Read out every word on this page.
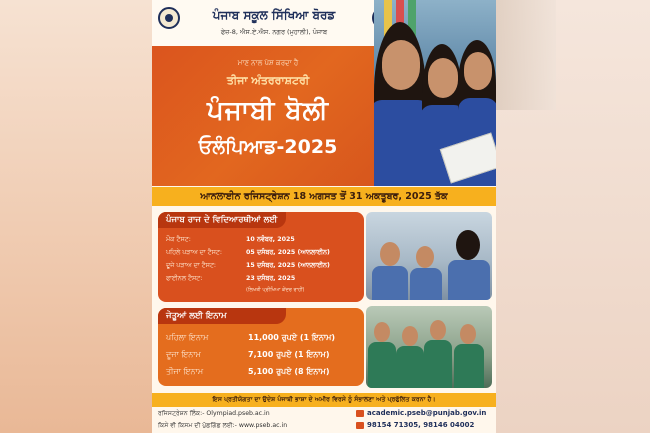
ਪੰਜਾਬ ਸਕੂਲ ਸਿੱਖਿਆ ਬੋਰਡ
ਫੇਜ਼-8, ਐਸ.ਏ.ਐਸ. ਨਗਰ (ਮੁਹਾਲੀ), ਪੰਜਾਬ
ਮਾਣ ਨਾਲ ਪੇਸ਼ ਕਰਦਾ ਹੈ
ਤੀਜਾ ਅੰਤਰਰਾਸ਼ਟਰੀ
ਪੰਜਾਬੀ ਬੋਲੀ
ਓਲੰਪਿਆਡ-2025
ਆਨਲਾਈਨ ਰਜਿਸਟ੍ਰੇਸ਼ਨ 18 ਅਗਸਤ ਤੋਂ 31 ਅਕਤੂਬਰ, 2025 ਤੱਕ
ਪੰਜਾਬ ਰਾਜ ਦੇ ਵਿਦਿਆਰਥੀਆਂ ਲਈ
ਮੌਕ ਟੈਸਟ:	10 ਨਵੰਬਰ, 2025
ਪਹਿਲੇ ਪੜਾਅ ਦਾ ਟੈਸਟ:	05 ਦਸੰਬਰ, 2025 (ਆਨਲਾਈਨ)
ਦੂਜੇ ਪੜਾਅ ਦਾ ਟੈਸਟ:	15 ਦਸੰਬਰ, 2025 (ਆਨਲਾਈਨ)
ਫਾਈਨਲ ਟੈਸਟ:	23 ਦਸੰਬਰ, 2025
(ਲਿਖਤੀ ਪ੍ਰੀਖਿਆ ਕੇਂਦਰ ਰਾਹੀਂ)
ਜੇਤੂਆਂ ਲਈ ਇਨਾਮ
ਪਹਿਲਾ ਇਨਾਮ	11,000 ਰੁਪਏ (1 ਇਨਾਮ)
ਦੂਜਾ ਇਨਾਮ	7,100 ਰੁਪਏ (1 ਇਨਾਮ)
ਤੀਜਾ ਇਨਾਮ	5,100 ਰੁਪਏ (8 ਇਨਾਮ)
ਇਸ ਪ੍ਰਤੀਯੋਗਤਾ ਦਾ ਉਦੇਸ਼ ਪੰਜਾਬੀ ਭਾਸ਼ਾ ਦੇ ਅਮੀਰ ਵਿਰਸੇ ਨੂੰ ਸੰਭਾਲਣਾ ਅਤੇ ਪ੍ਰਫੁੱਲਿਤ ਕਰਨਾ ਹੈ।
ਰਜਿਸਟ੍ਰੇਸ਼ਨ ਲਿੰਕ:- Olympiad.pseb.ac.in
ਕਿਸੇ ਵੀ ਕਿਸਮ ਦੀ ਪੁੱਛਗਿੱਛ ਲਈ:- www.pseb.ac.in
academic.pseb@punjab.gov.in
98154 71305, 98146 04002
